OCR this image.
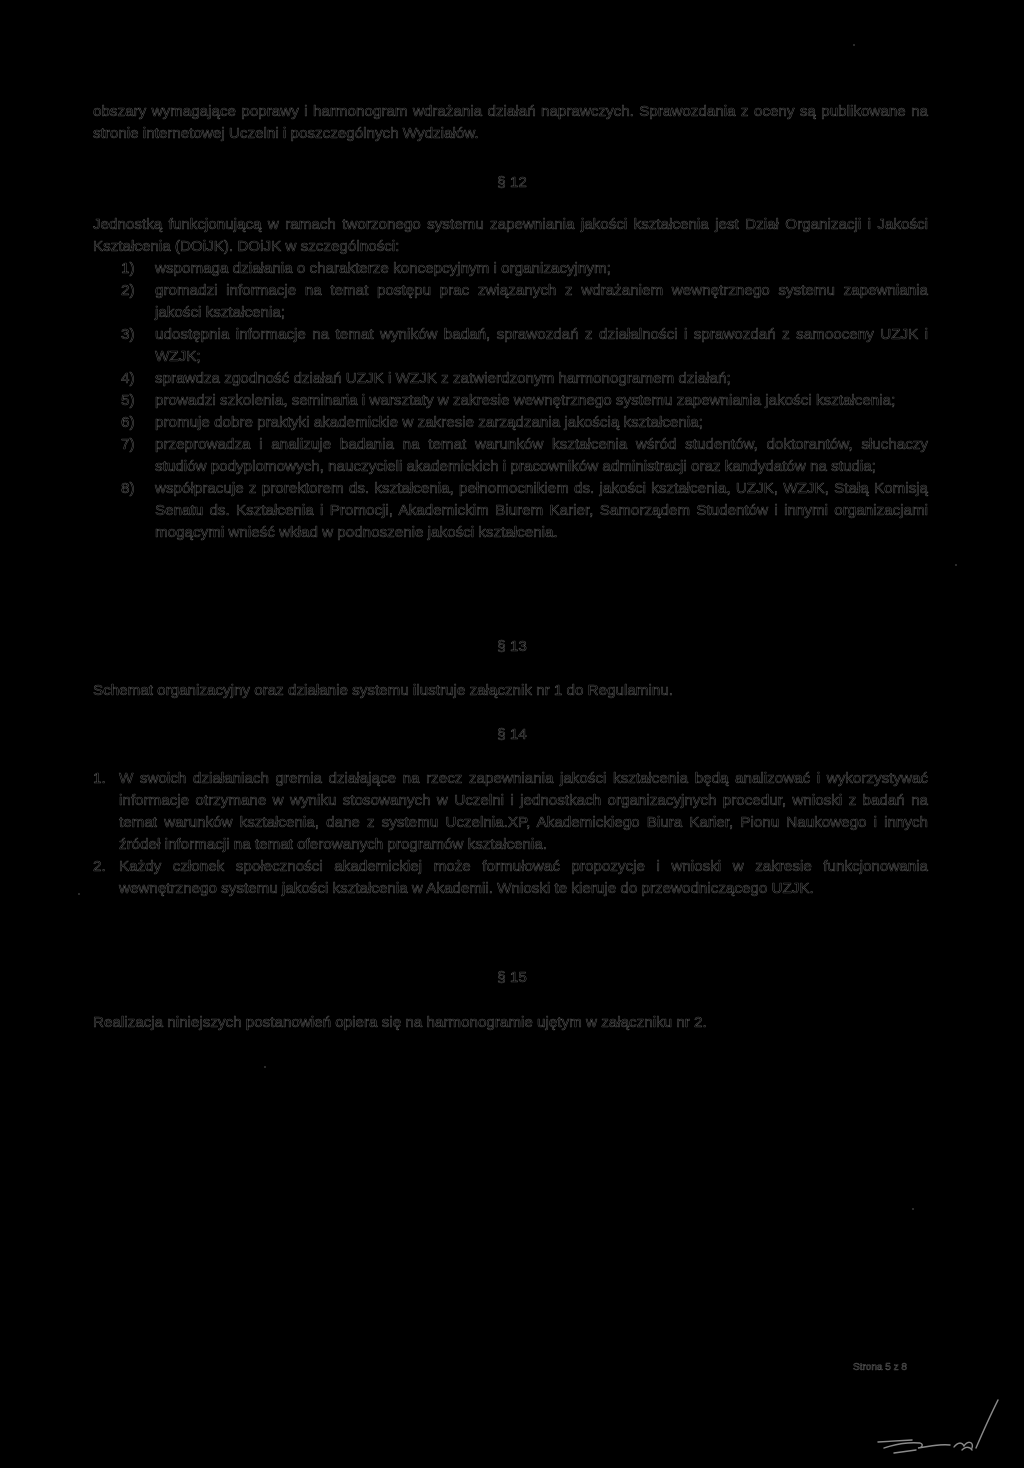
obszary wymagające poprawy i harmonogram wdrażania działań naprawczych. Sprawozdania z oceny są publikowane na stronie internetowej Uczelni i poszczególnych Wydziałów.
§ 12
Jednostką funkcjonującą w ramach tworzonego systemu zapewniania jakości kształcenia jest Dział Organizacji i Jakości Kształcenia (DOiJK). DOiJK w szczególności:
1) wspomaga działania o charakterze koncepcyjnym i organizacyjnym;
2) gromadzi informacje na temat postępu prac związanych z wdrażaniem wewnętrznego systemu zapewniania jakości kształcenia;
3) udostępnia informacje na temat wyników badań, sprawozdań z działalności i sprawozdań z samooceny UZJK i WZJK;
4) sprawdza zgodność działań UZJK i WZJK z zatwierdzonym harmonogramem działań;
5) prowadzi szkolenia, seminaria i warsztaty w zakresie wewnętrznego systemu zapewniania jakości kształcenia;
6) promuje dobre praktyki akademickie w zakresie zarządzania jakością kształcenia;
7) przeprowadza i analizuje badania na temat warunków kształcenia wśród studentów, doktorantów, słuchaczy studiów podyplomowych, nauczycieli akademickich i pracowników administracji oraz kandydatów na studia;
8) współpracuje z prorektorem ds. kształcenia, pełnomocnikiem ds. jakości kształcenia, UZJK, WZJK, Stałą Komisją Senatu ds. Kształcenia i Promocji, Akademickim Biurem Karier, Samorządem Studentów i innymi organizacjami mogącymi wnieść wkład w podnoszenie jakości kształcenia.
§ 13
Schemat organizacyjny oraz działanie systemu ilustruje załącznik nr 1 do Regulaminu.
§ 14
1. W swoich działaniach gremia działające na rzecz zapewniania jakości kształcenia będą analizować i wykorzystywać informacje otrzymane w wyniku stosowanych w Uczelni i jednostkach organizacyjnych procedur, wnioski z badań na temat warunków kształcenia, dane z systemu Uczelnia.XP, Akademickiego Biura Karier, Pionu Naukowego i innych źródeł informacji na temat oferowanych programów kształcenia.
2. Każdy członek społeczności akademickiej może formułować propozycje i wnioski w zakresie funkcjonowania wewnętrznego systemu jakości kształcenia w Akademii. Wnioski te kieruje do przewodniczącego UZJK.
§ 15
Realizacja niniejszych postanowień opiera się na harmonogramie ujętym w załączniku nr 2.
Strona 5 z 8
